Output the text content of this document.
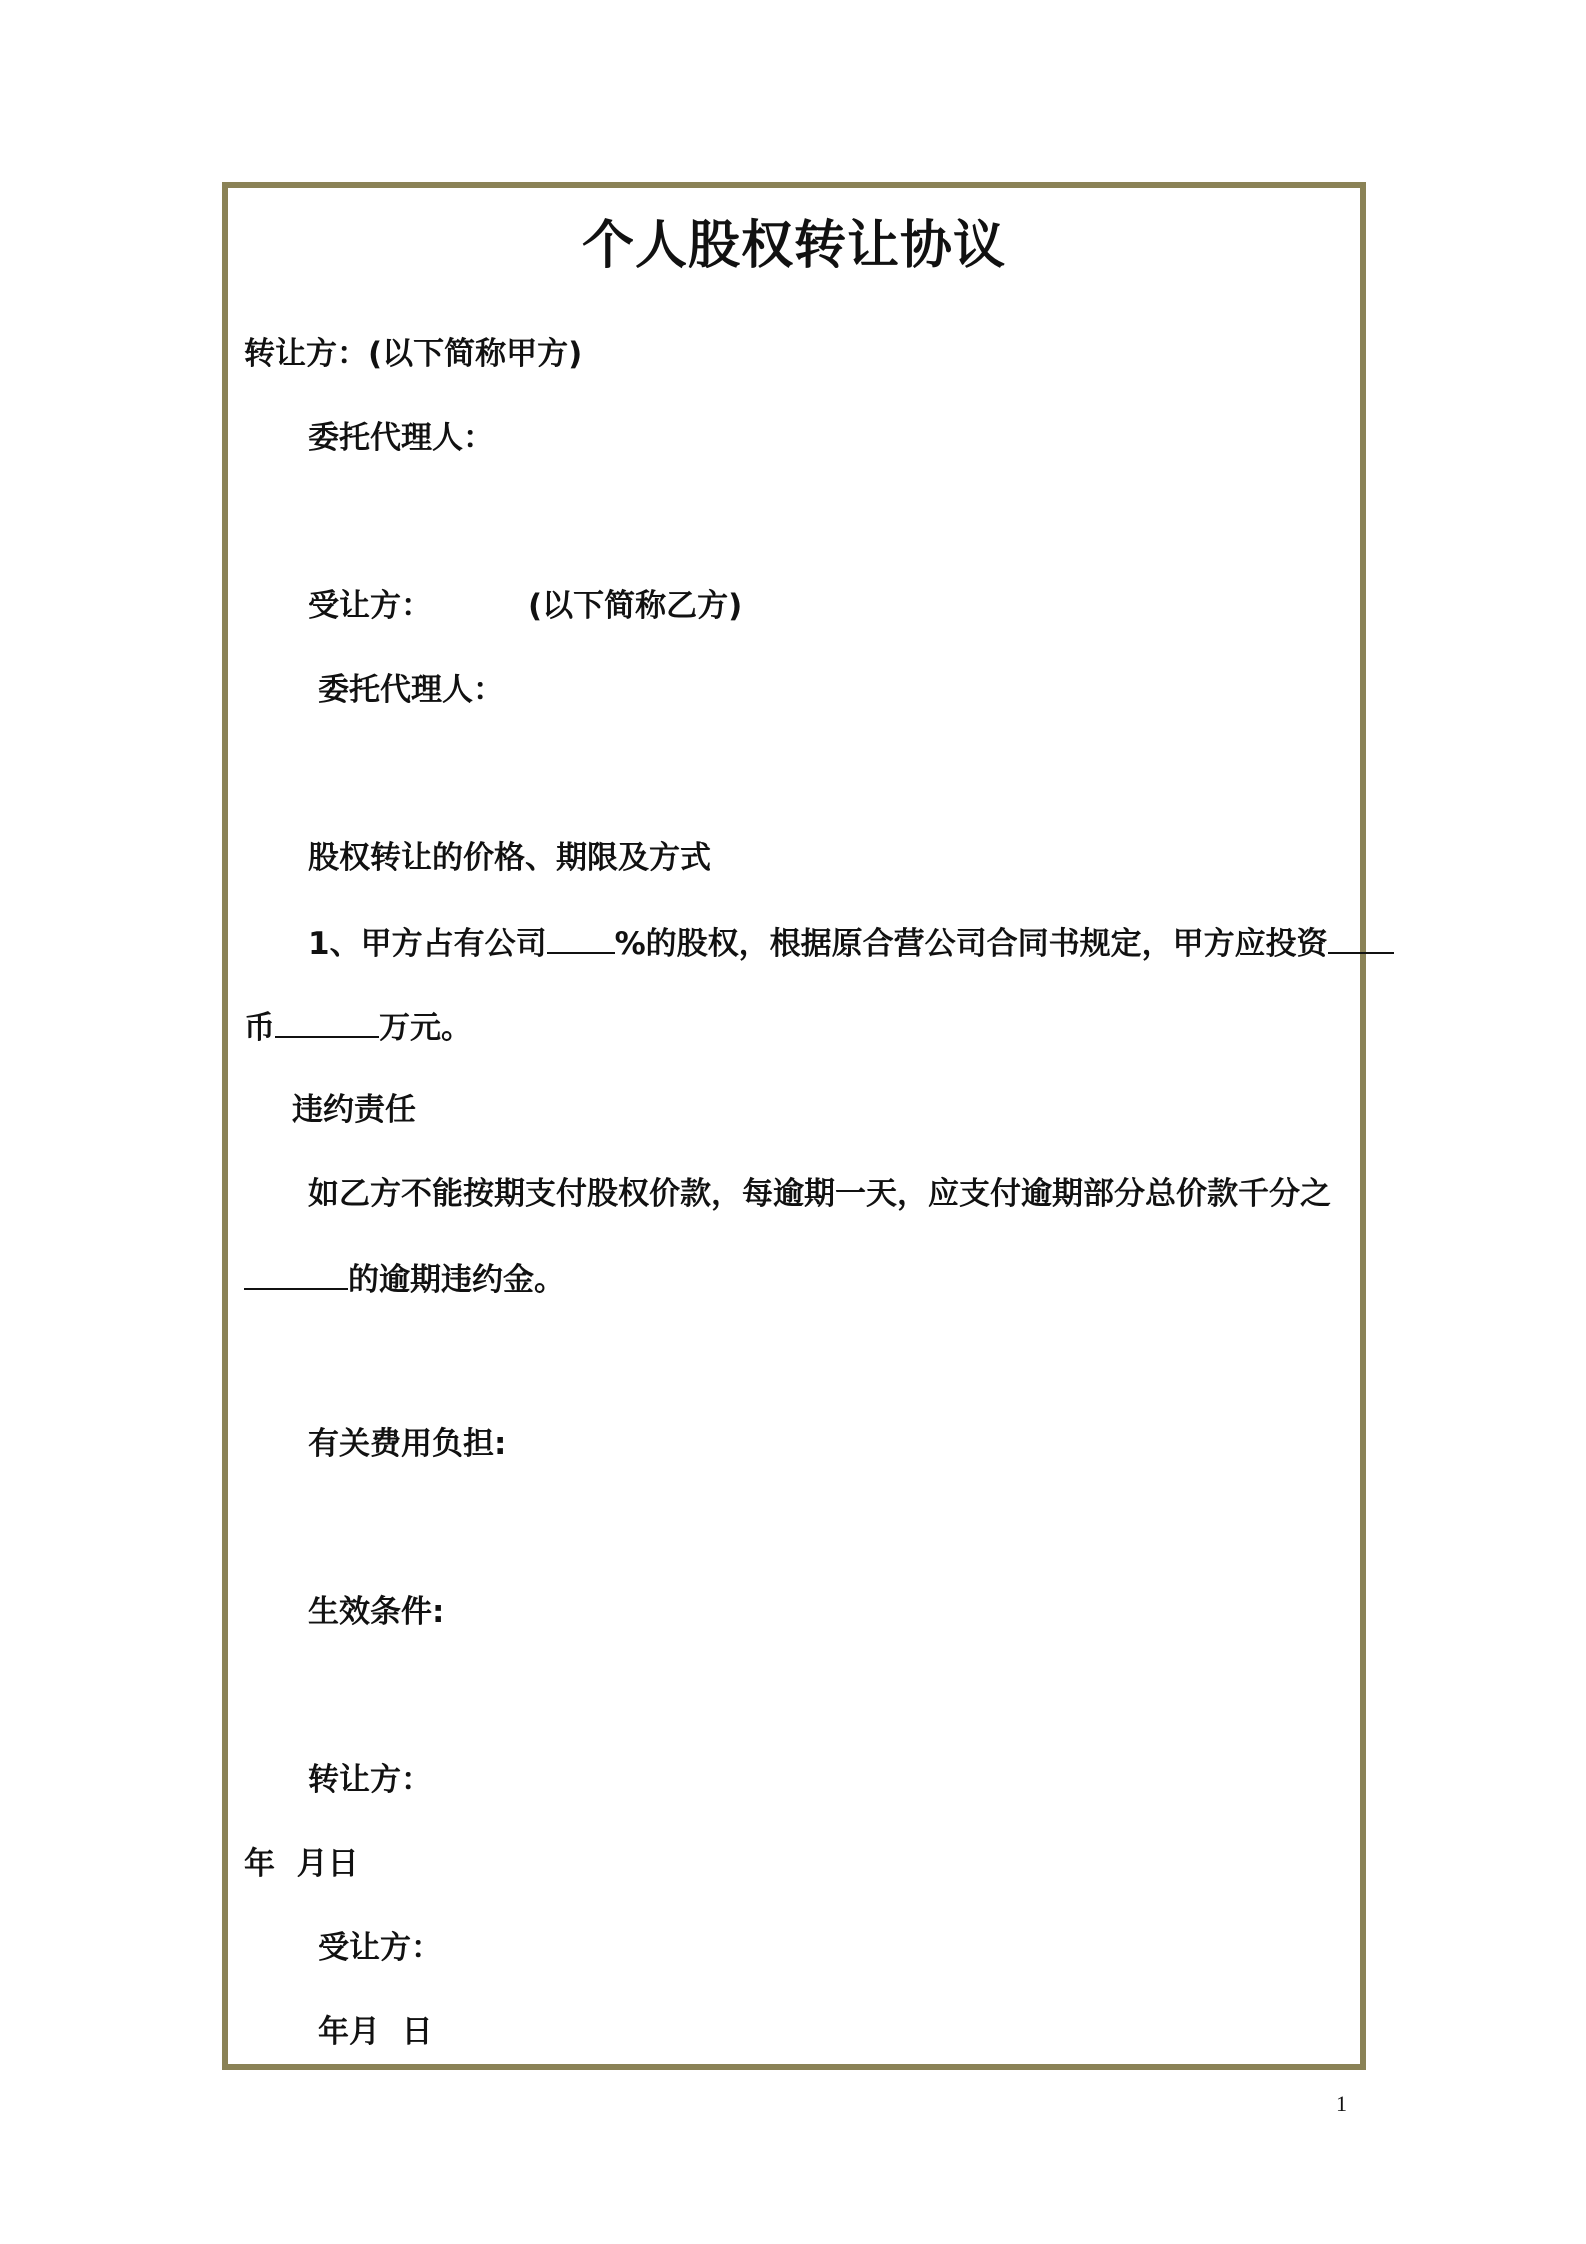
个人股权转让协议

转让方：(以下简称甲方)

委托代理人：

受让方：	(以下简称乙方)

委托代理人：

股权转让的价格、期限及方式

1、甲方占有公司 %的股权，根据原合营公司合同书规定，甲方应投资

币	万元。

违约责任

如乙方不能按期支付股权价款，每逾期一天，应支付逾期部分总价款千分之

的逾期违约金。

有关费用负担:

生效条件:

转让方：

年  月日

受让方：

年月  日

1
